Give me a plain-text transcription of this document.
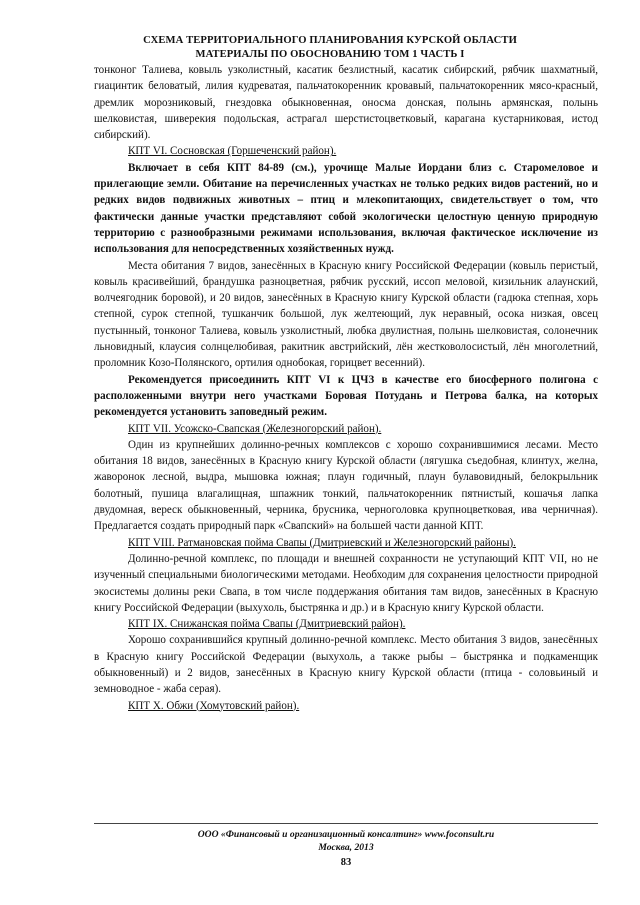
СХЕМА ТЕРРИТОРИАЛЬНОГО ПЛАНИРОВАНИЯ КУРСКОЙ ОБЛАСТИ
МАТЕРИАЛЫ ПО ОБОСНОВАНИЮ ТОМ 1 ЧАСТЬ I

тонконог Талиева, ковыль узколистный, касатик безлистный, касатик сибирский, рябчик шахматный, гиацинтик беловатый, лилия кудреватая, пальчатокоренник кровавый, пальчатокоренник мясо-красный, дремлик морозниковый, гнездовка обыкновенная, оносма донская, полынь армянская, полынь шелковистая, шиверекия подольская, астрагал шерстистоцветковый, карагана кустарниковая, истод сибирский).

КПТ VI. Сосновская (Горшеченский район).

Включает в себя КПТ 84-89 (см.), урочище Малые Иордани близ с. Старомеловое и прилегающие земли. Обитание на перечисленных участках не только редких видов растений, но и редких видов подвижных животных – птиц и млекопитающих, свидетельствует о том, что фактически данные участки представляют собой экологически целостную ценную природную территорию с разнообразными режимами использования, включая фактическое исключение из использования для непосредственных хозяйственных нужд.

Места обитания 7 видов, занесённых в Красную книгу Российской Федерации (ковыль перистый, ковыль красивейший, брандушка разноцветная, рябчик русский, иссоп меловой, кизильник алаунский, волчеягодник боровой), и 20 видов, занесённых в Красную книгу Курской области (гадюка степная, хорь степной, сурок степной, тушканчик большой, лук желтеющий, лук неравный, осока низкая, овсец пустынный, тонконог Талиева, ковыль узколистный, любка двулистная, полынь шелковистая, солонечник льновидный, клаусия солнцелюбивая, ракитник австрийский, лён жестковолосистый, лён многолетний, проломник Козо-Полянского, ортилия однобокая, горицвет весенний).

Рекомендуется присоединить КПТ VI к ЦЧЗ в качестве его биосферного полигона с расположенными внутри него участками Боровая Потудань и Петрова балка, на которых рекомендуется установить заповедный режим.

КПТ VII. Усожско-Свапская (Железногорский район).

Один из крупнейших долинно-речных комплексов с хорошо сохранившимися лесами. Место обитания 18 видов, занесённых в Красную книгу Курской области (лягушка съедобная, клинтух, желна, жаворонок лесной, выдра, мышовка южная; плаун годичный, плаун булавовидный, белокрыльник болотный, пушица влагалищная, шпажник тонкий, пальчатокоренник пятнистый, кошачья лапка двудомная, вереск обыкновенный, черника, брусника, черноголовка крупноцветковая, ива черничная). Предлагается создать природный парк «Свапский» на большей части данной КПТ.

КПТ VIII. Ратмановская пойма Свапы (Дмитриевский и Железногорский районы).

Долинно-речной комплекс, по площади и внешней сохранности не уступающий КПТ VII, но не изученный специальными биологическими методами. Необходим для сохранения целостности природной экосистемы долины реки Свапа, в том числе поддержания обитания там видов, занесённых в Красную книгу Российской Федерации (выхухоль, быстрянка и др.) и в Красную книгу Курской области.

КПТ IX. Снижанская пойма Свапы (Дмитриевский район).

Хорошо сохранившийся крупный долинно-речной комплекс. Место обитания 3 видов, занесённых в Красную книгу Российской Федерации (выхухоль, а также рыбы – быстрянка и подкаменщик обыкновенный) и 2 видов, занесённых в Красную книгу Курской области (птица - соловьиный и земноводное - жаба серая).

КПТ X. Обжи (Хомутовский район).

ООО «Финансовый и организационный консалтинг» www.foconsult.ru
Москва, 2013
83
